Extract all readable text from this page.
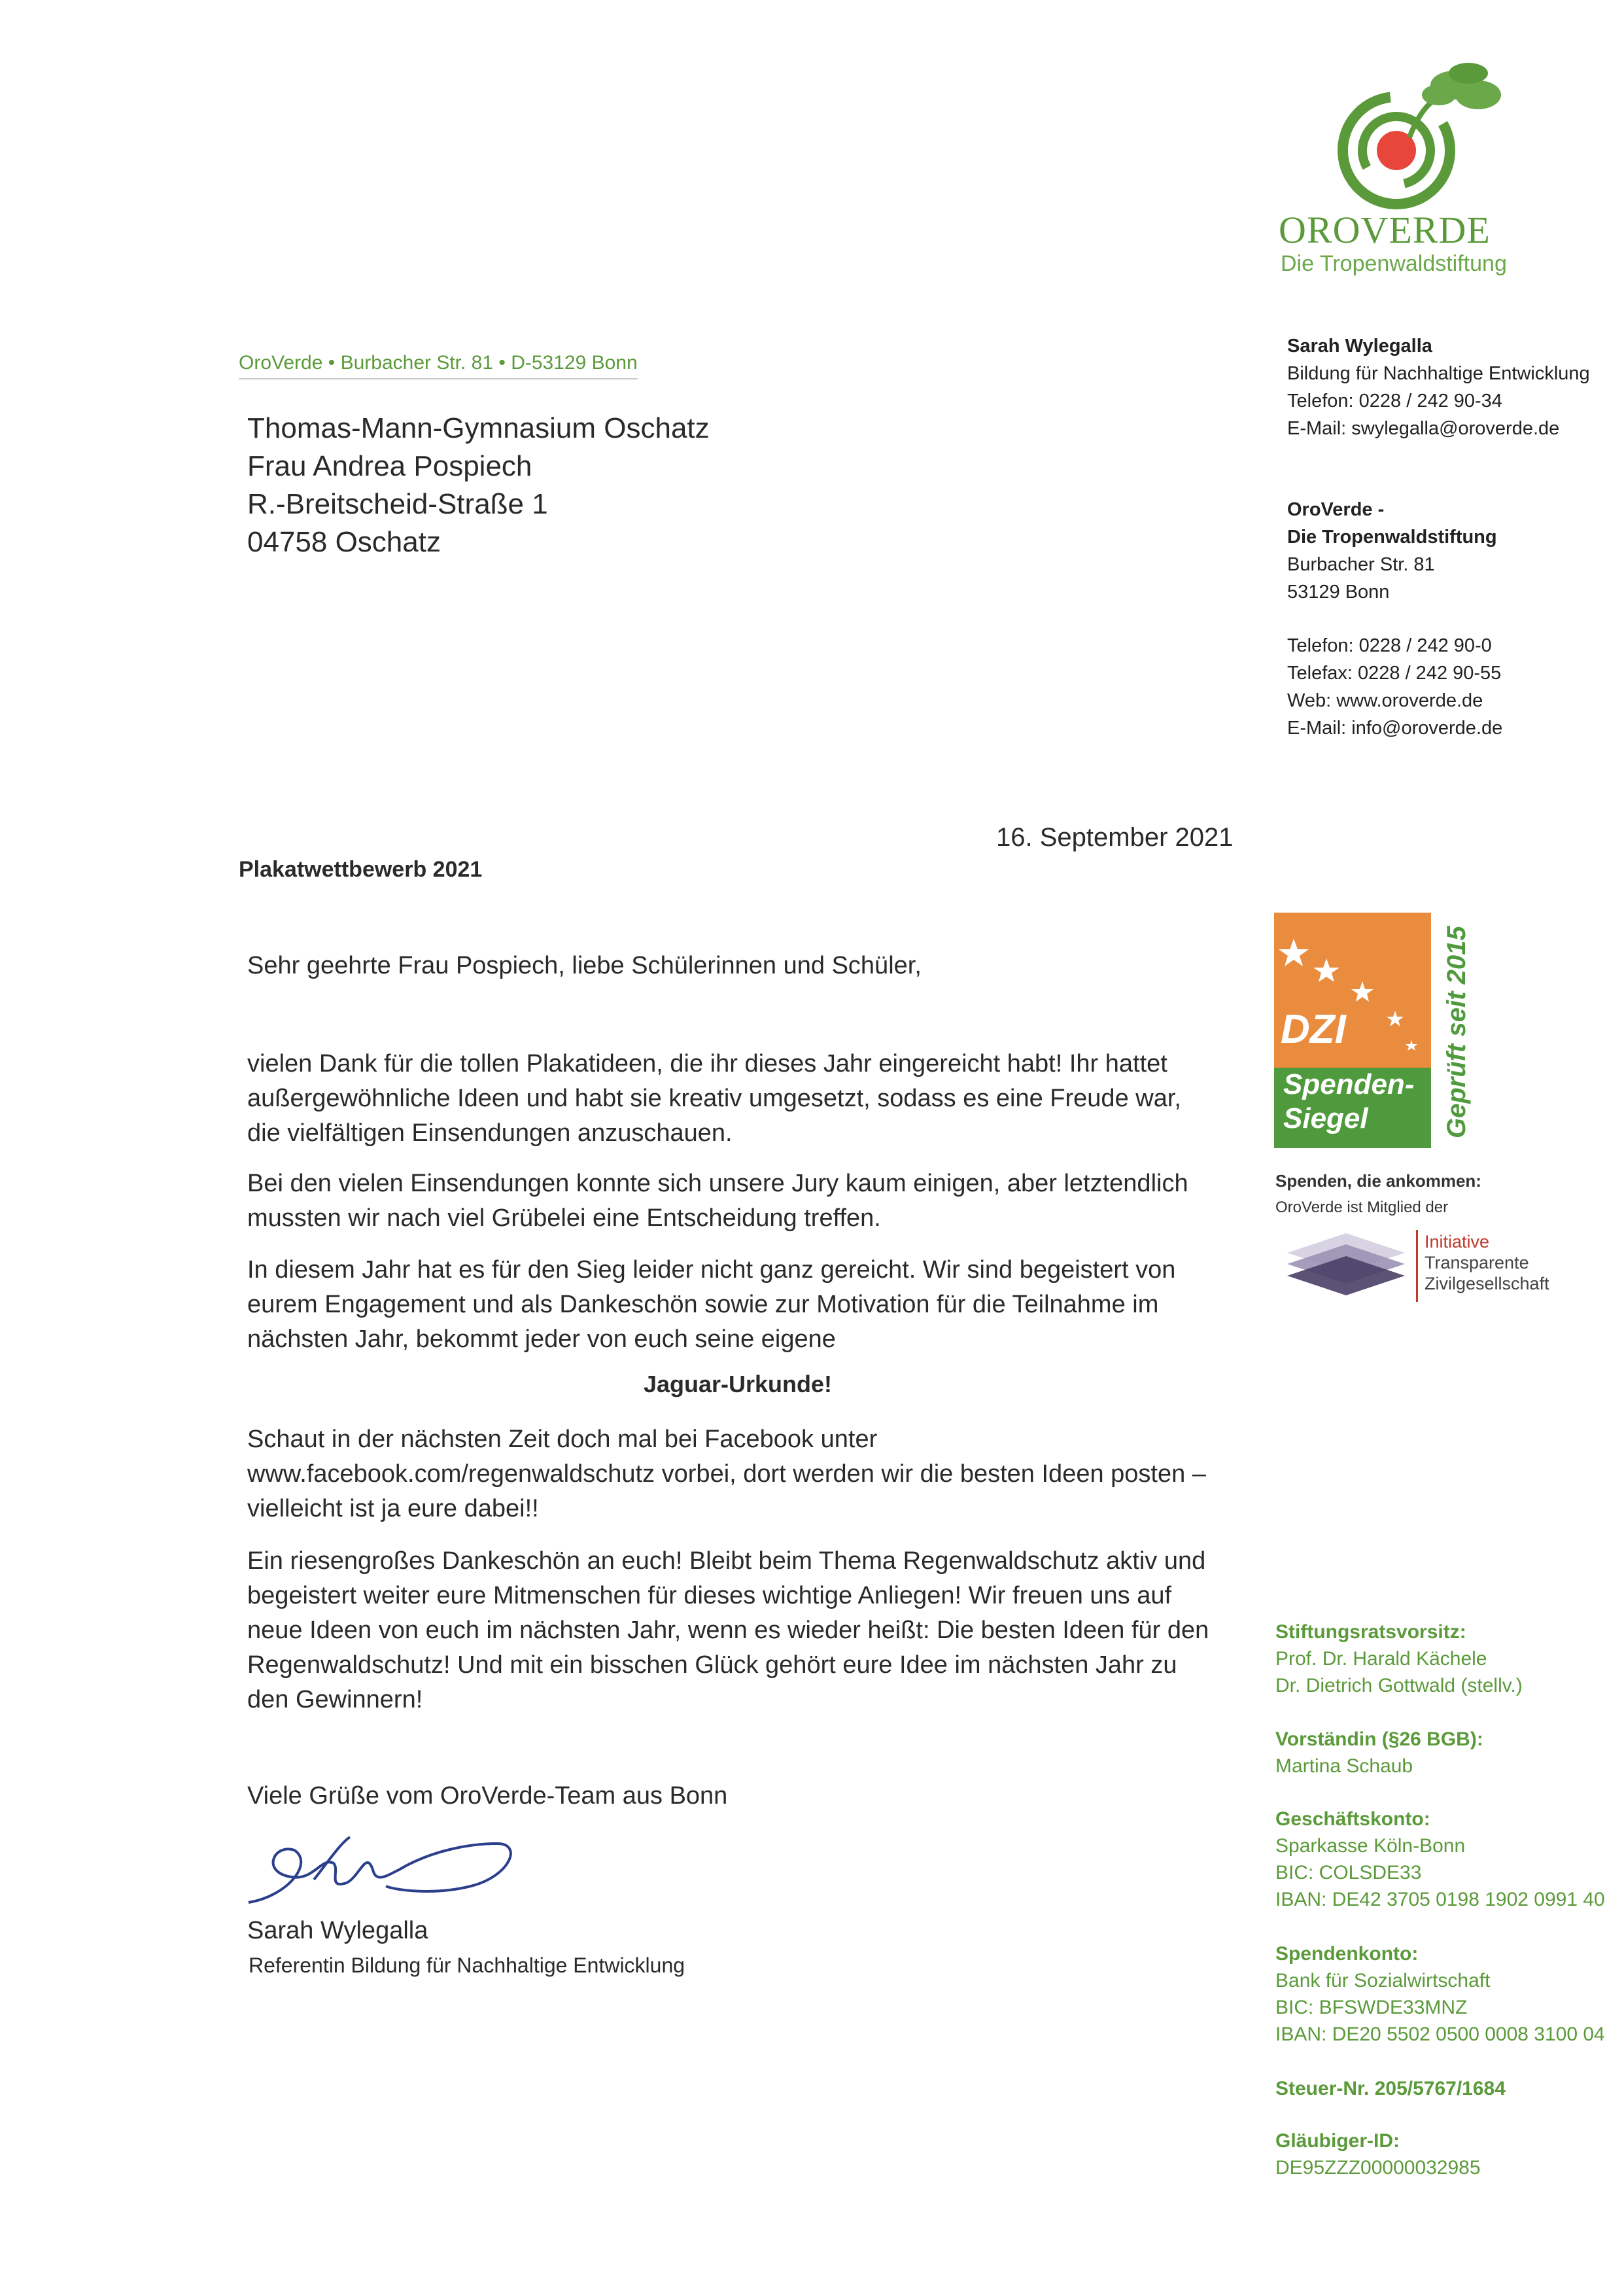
OROVERDE
Die Tropenwaldstiftung
OroVerde • Burbacher Str. 81 • D-53129 Bonn
Thomas-Mann-Gymnasium Oschatz
Frau Andrea Pospiech
R.-Breitscheid-Straße 1
04758 Oschatz
Sarah Wylegalla
Bildung für Nachhaltige Entwicklung
Telefon: 0228 / 242 90-34
E-Mail: swylegalla@oroverde.de
OroVerde -
Die Tropenwaldstiftung
Burbacher Str. 81
53129 Bonn
Telefon: 0228 / 242 90-0
Telefax: 0228 / 242 90-55
Web: www.oroverde.de
E-Mail: info@oroverde.de
16. September 2021
Plakatwettbewerb 2021
Sehr geehrte Frau Pospiech, liebe Schülerinnen und Schüler,
vielen Dank für die tollen Plakatideen, die ihr dieses Jahr eingereicht habt! Ihr hattet
außergewöhnliche Ideen und habt sie kreativ umgesetzt, sodass es eine Freude war,
die vielfältigen Einsendungen anzuschauen.
Bei den vielen Einsendungen konnte sich unsere Jury kaum einigen, aber letztendlich
mussten wir nach viel Grübelei eine Entscheidung treffen.
In diesem Jahr hat es für den Sieg leider nicht ganz gereicht. Wir sind begeistert von
eurem Engagement und als Dankeschön sowie zur Motivation für die Teilnahme im
nächsten Jahr, bekommt jeder von euch seine eigene
Jaguar-Urkunde!
Schaut in der nächsten Zeit doch mal bei Facebook unter
www.facebook.com/regenwaldschutz vorbei, dort werden wir die besten Ideen posten –
vielleicht ist ja eure dabei!!
Ein riesengroßes Dankeschön an euch! Bleibt beim Thema Regenwaldschutz aktiv und
begeistert weiter eure Mitmenschen für dieses wichtige Anliegen! Wir freuen uns auf
neue Ideen von euch im nächsten Jahr, wenn es wieder heißt: Die besten Ideen für den
Regenwaldschutz! Und mit ein bisschen Glück gehört eure Idee im nächsten Jahr zu
den Gewinnern!
Viele Grüße vom OroVerde-Team aus Bonn
Sarah Wylegalla
Referentin Bildung für Nachhaltige Entwicklung
DZI
Spenden-
Siegel	Geprüft seit 2015
Spenden, die ankommen:
OroVerde ist Mitglied der
Initiative
Transparente
Zivilgesellschaft
Stiftungsratsvorsitz:
Prof. Dr. Harald Kächele
Dr. Dietrich Gottwald (stellv.)
Vorständin (§26 BGB):
Martina Schaub
Geschäftskonto:
Sparkasse Köln-Bonn
BIC: COLSDE33
IBAN: DE42 3705 0198 1902 0991 40
Spendenkonto:
Bank für Sozialwirtschaft
BIC: BFSWDE33MNZ
IBAN: DE20 5502 0500 0008 3100 04
Steuer-Nr. 205/5767/1684
Gläubiger-ID:
DE95ZZZ00000032985
